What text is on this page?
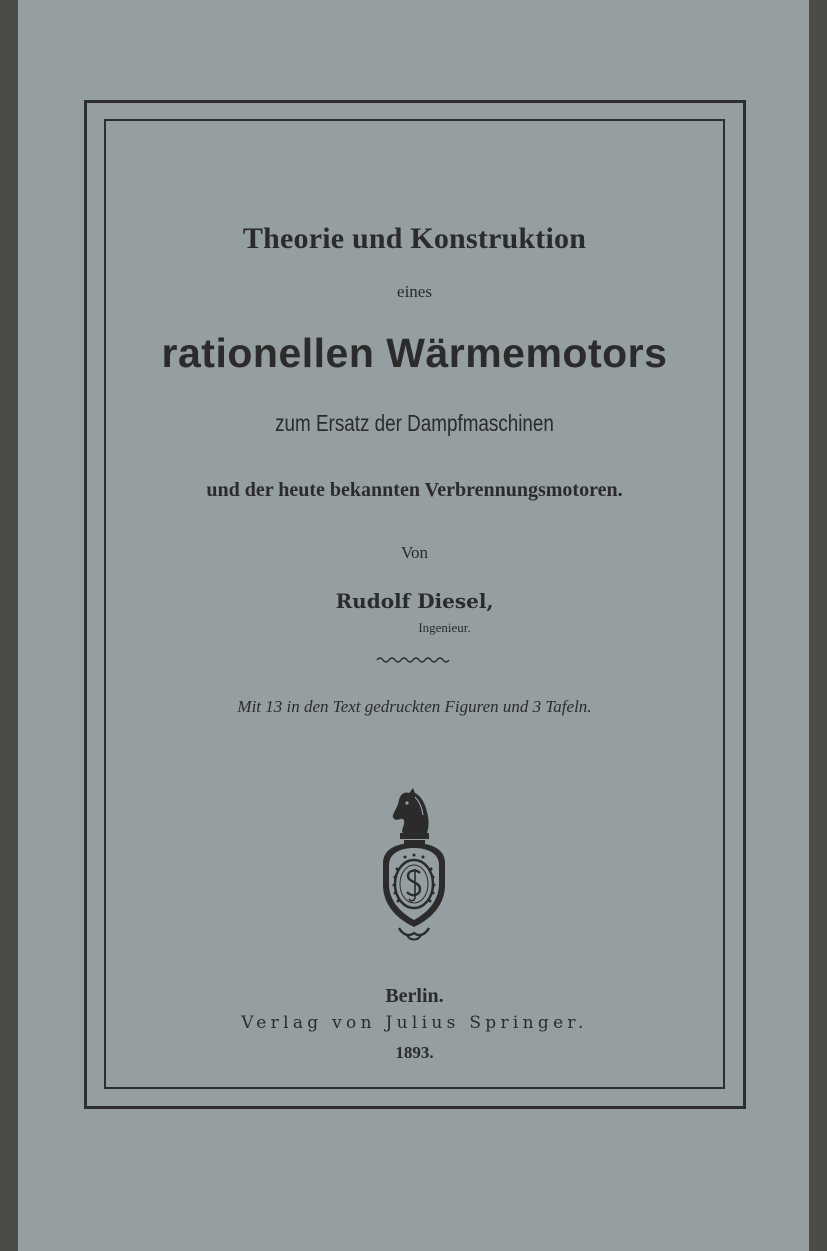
Theorie und Konstruktion
eines
rationellen Wärmemotors
zum Ersatz der Dampfmaschinen
und der heute bekannten Verbrennungsmotoren.
Von
Rudolf Diesel,
Ingenieur.
Mit 13 in den Text gedruckten Figuren und 3 Tafeln.
Berlin.
Verlag von Julius Springer.
1893.
